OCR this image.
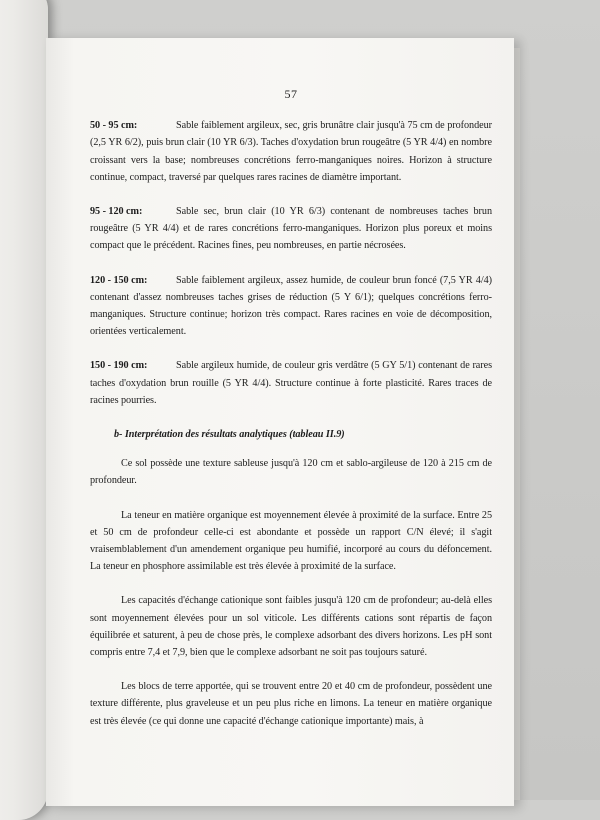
57
50 - 95 cm:	Sable faiblement argileux, sec, gris brunâtre clair jusqu'à 75 cm de profondeur (2,5 YR 6/2), puis brun clair (10 YR 6/3). Taches d'oxydation brun rougeâtre (5 YR 4/4) en nombre croissant vers la base; nombreuses concrétions ferro-manganiques noires. Horizon à structure continue, compact, traversé par quelques rares racines de diamètre important.
95 - 120 cm:	Sable sec, brun clair (10 YR 6/3) contenant de nombreuses taches brun rougeâtre (5 YR 4/4) et de rares concrétions ferro-manganiques. Horizon plus poreux et moins compact que le précédent. Racines fines, peu nombreuses, en partie nécrosées.
120 - 150 cm:	Sable faiblement argileux, assez humide, de couleur brun foncé (7,5 YR 4/4) contenant d'assez nombreuses taches grises de réduction (5 Y 6/1); quelques concrétions ferro-manganiques. Structure continue; horizon très compact. Rares racines en voie de décomposition, orientées verticalement.
150 - 190 cm:	Sable argileux humide, de couleur gris verdâtre (5 GY 5/1) contenant de rares taches d'oxydation brun rouille (5 YR 4/4). Structure continue à forte plasticité. Rares traces de racines pourries.
b- Interprétation des résultats analytiques (tableau II.9)

Ce sol possède une texture sableuse jusqu'à 120 cm et sablo-argileuse de 120 à 215 cm de profondeur.

La teneur en matière organique est moyennement élevée à proximité de la surface. Entre 25 et 50 cm de profondeur celle-ci est abondante et possède un rapport C/N élevé; il s'agit vraisemblablement d'un amendement organique peu humifié, incorporé au cours du défoncement. La teneur en phosphore assimilable est très élevée à proximité de la surface.

Les capacités d'échange cationique sont faibles jusqu'à 120 cm de profondeur; au-delà elles sont moyennement élevées pour un sol viticole. Les différents cations sont répartis de façon équilibrée et saturent, à peu de chose près, le complexe adsorbant des divers horizons. Les pH sont compris entre 7,4 et 7,9, bien que le complexe adsorbant ne soit pas toujours saturé.

Les blocs de terre apportée, qui se trouvent entre 20 et 40 cm de profondeur, possèdent une texture différente, plus graveleuse et un peu plus riche en limons. La teneur en matière organique est très élevée (ce qui donne une capacité d'échange cationique importante) mais, à
